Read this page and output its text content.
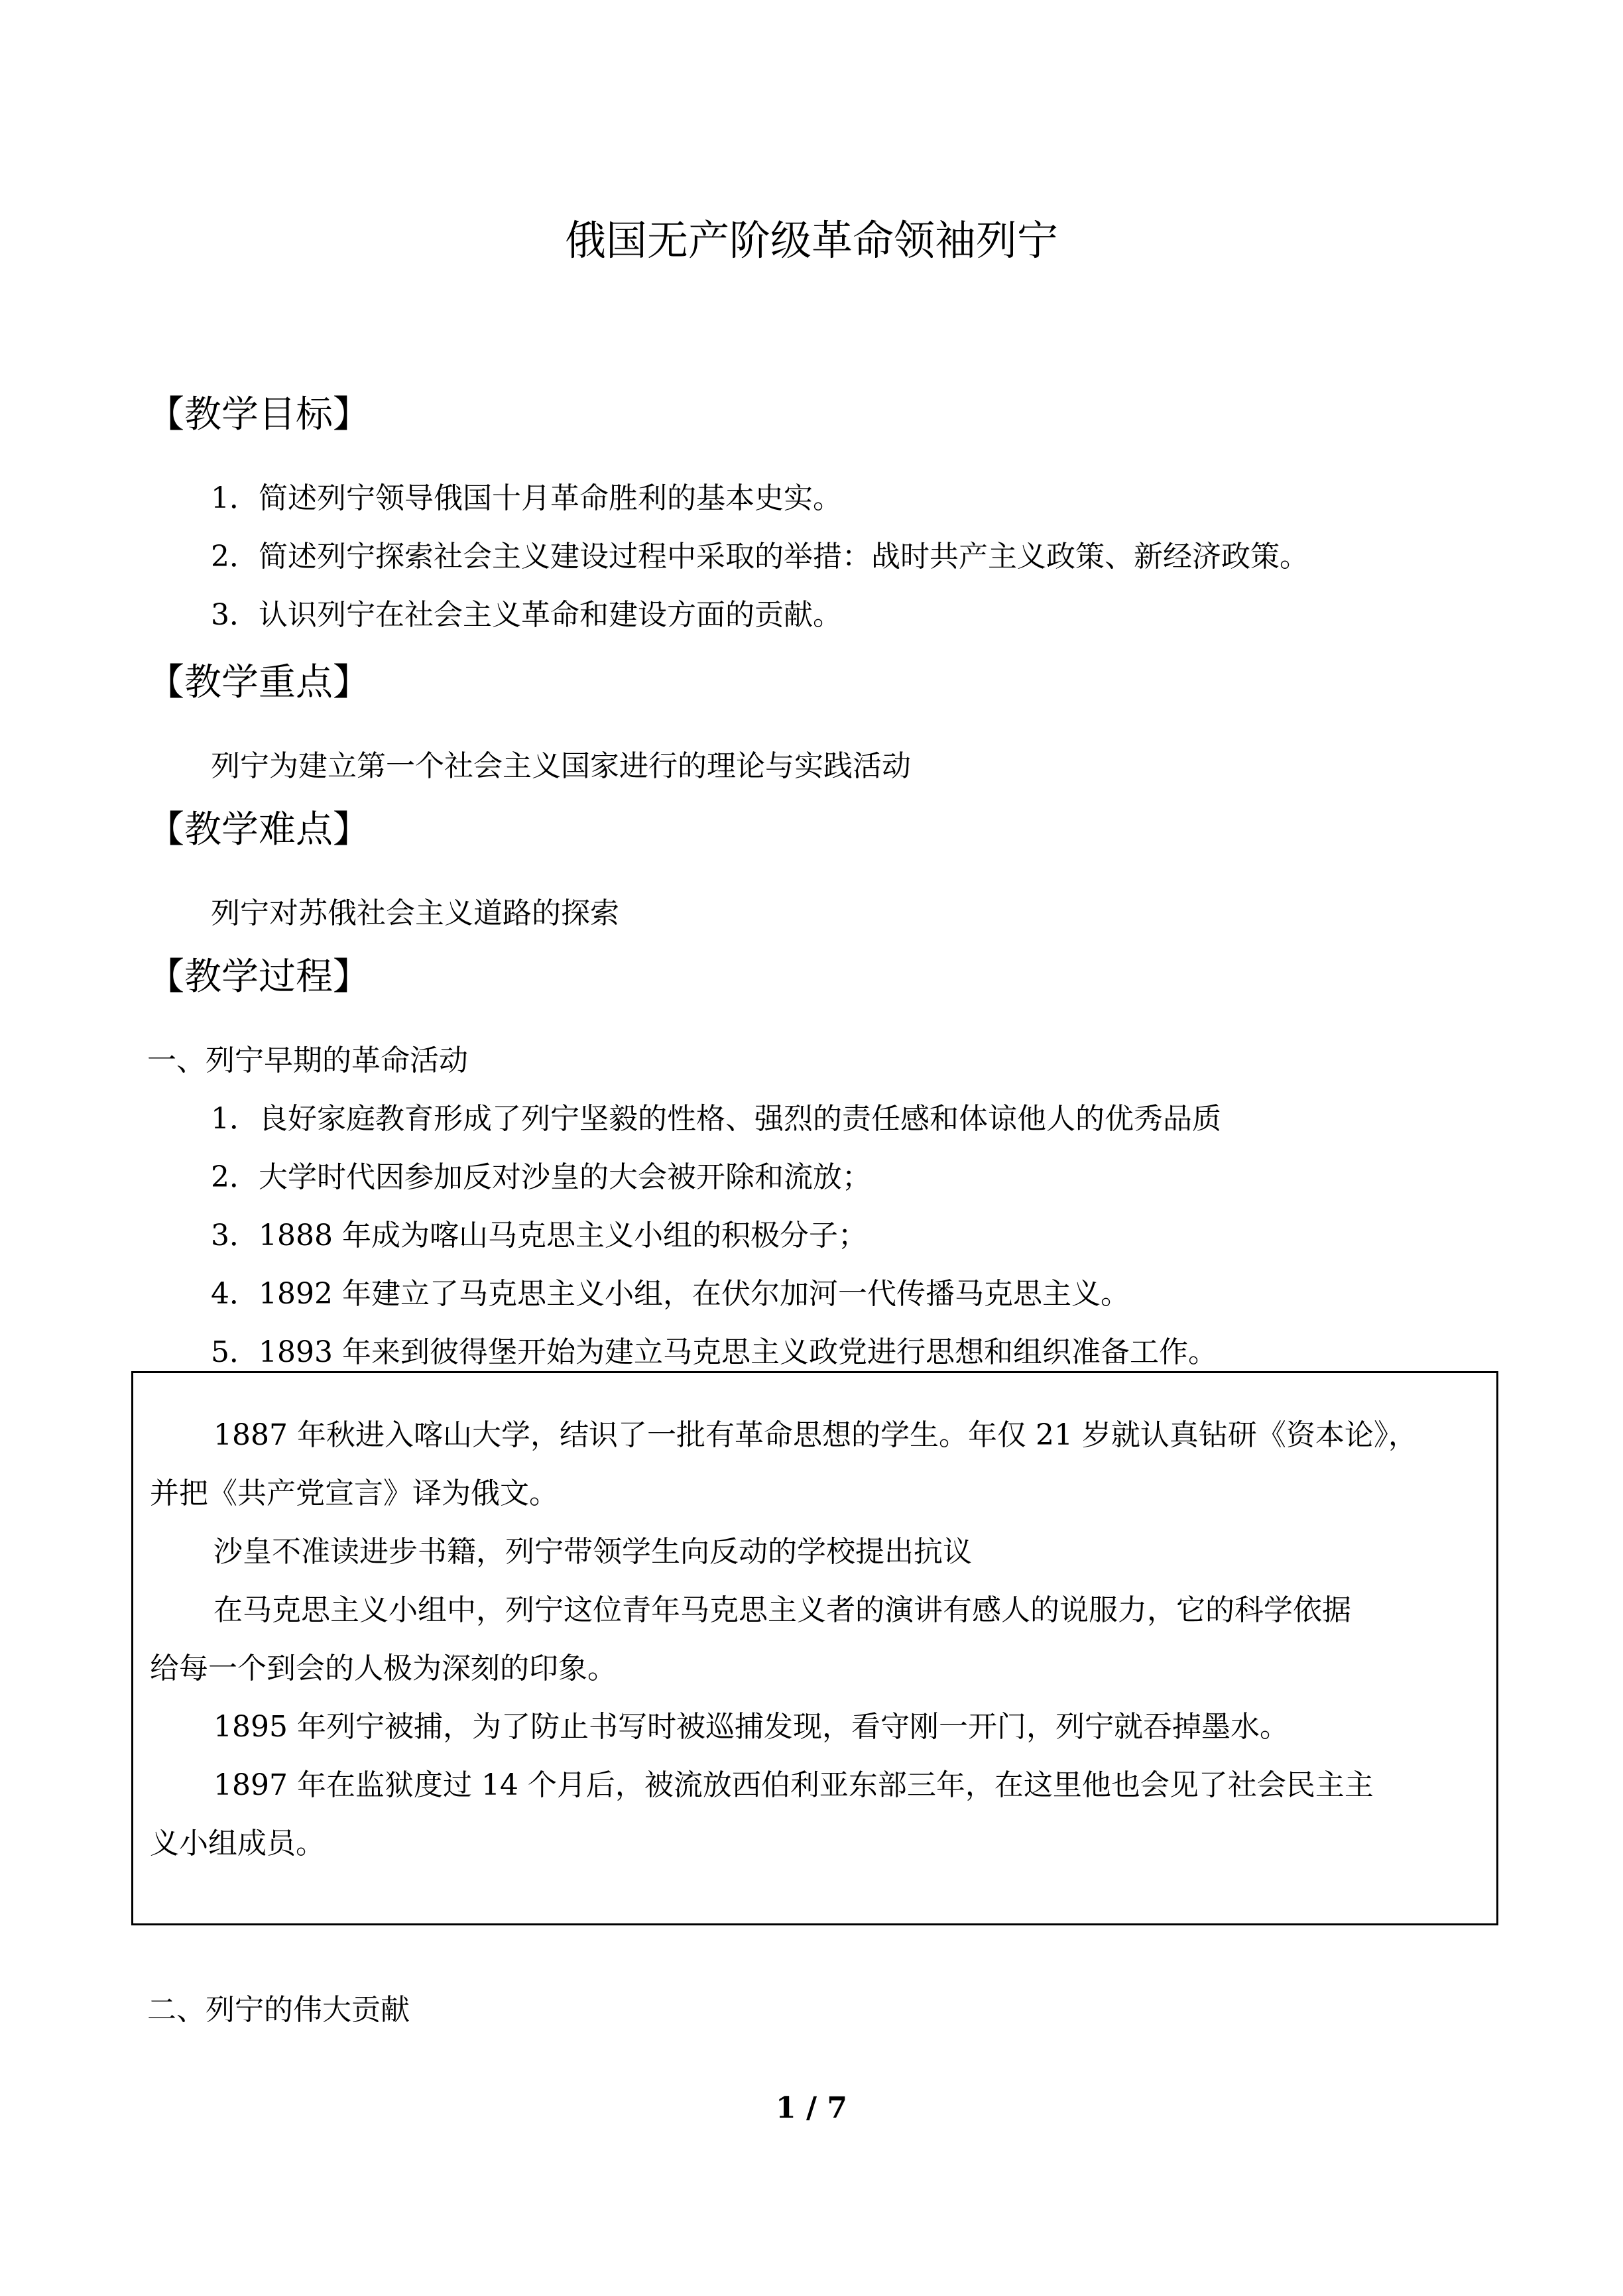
俄国无产阶级革命领袖列宁
【教学目标】
1．简述列宁领导俄国十月革命胜利的基本史实。
2．简述列宁探索社会主义建设过程中采取的举措：战时共产主义政策、新经济政策。
3．认识列宁在社会主义革命和建设方面的贡献。
【教学重点】
列宁为建立第一个社会主义国家进行的理论与实践活动
【教学难点】
列宁对苏俄社会主义道路的探索
【教学过程】
一、列宁早期的革命活动
1．良好家庭教育形成了列宁坚毅的性格、强烈的责任感和体谅他人的优秀品质
2．大学时代因参加反对沙皇的大会被开除和流放；
3．1888 年成为喀山马克思主义小组的积极分子；
4．1892 年建立了马克思主义小组，在伏尔加河一代传播马克思主义。
5．1893 年来到彼得堡开始为建立马克思主义政党进行思想和组织准备工作。
1887 年秋进入喀山大学，结识了一批有革命思想的学生。年仅 21 岁就认真钻研《资本论》，
并把《共产党宣言》译为俄文。
沙皇不准读进步书籍，列宁带领学生向反动的学校提出抗议
在马克思主义小组中，列宁这位青年马克思主义者的演讲有感人的说服力，它的科学依据
给每一个到会的人极为深刻的印象。
1895 年列宁被捕，为了防止书写时被巡捕发现，看守刚一开门，列宁就吞掉墨水。
1897 年在监狱度过 14 个月后，被流放西伯利亚东部三年，在这里他也会见了社会民主主
义小组成员。
二、列宁的伟大贡献
1 / 7
